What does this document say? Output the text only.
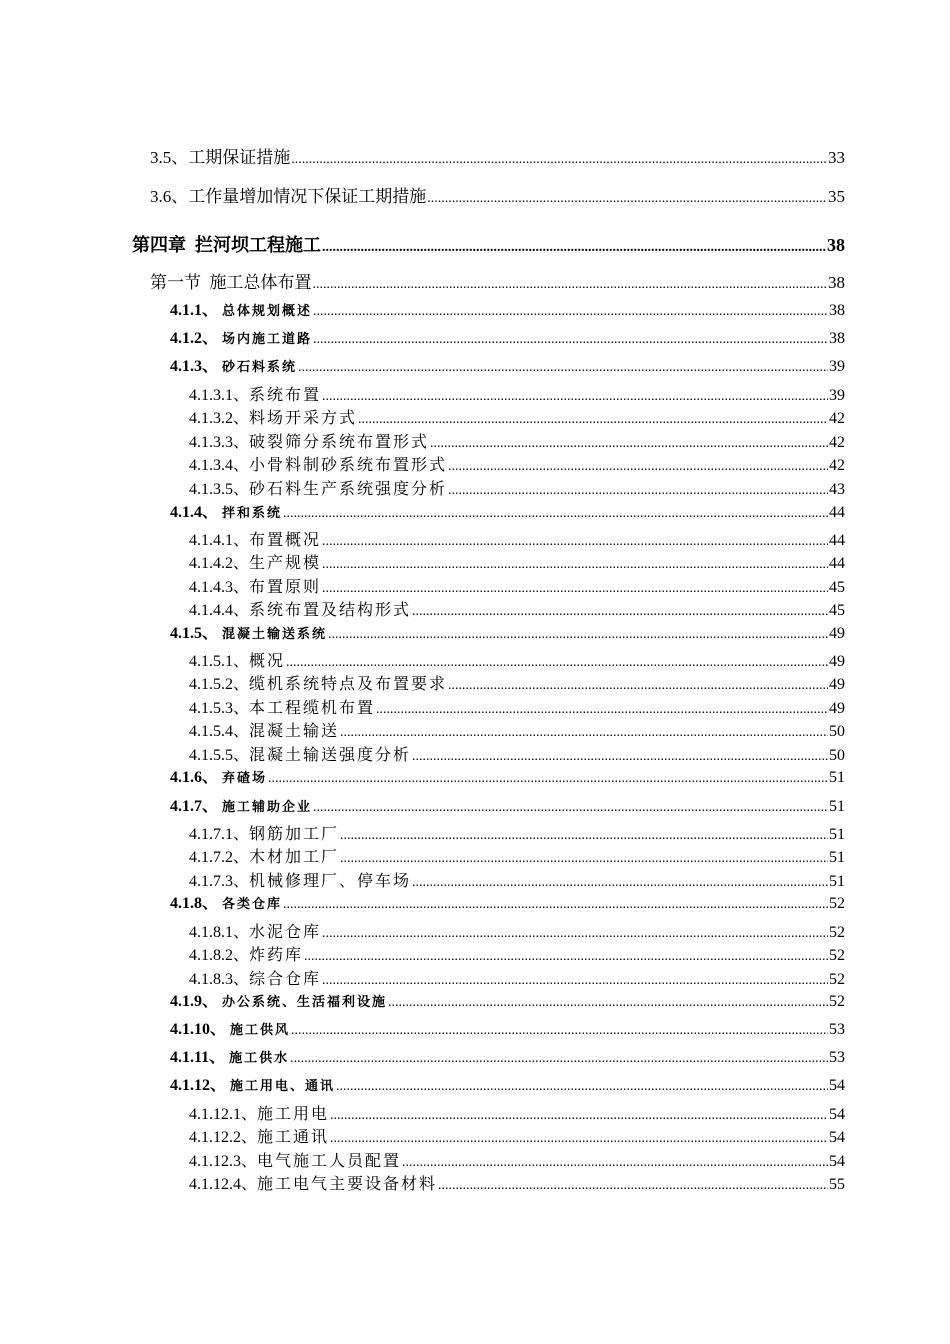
3.5、工期保证措施 .....	33
3.6、工作量增加情况下保证工期措施 .....	35
第四章 拦河坝工程施工 .....	38
第一节 施工总体布置 .....	38
4.1.1、 总体规划概述 .....	38
4.1.2、 场内施工道路 .....	38
4.1.3、 砂石料系统 .....	39
4.1.3.1、系统布置 .....	39
4.1.3.2、料场开采方式 .....	42
4.1.3.3、破裂筛分系统布置形式 .....	42
4.1.3.4、小骨料制砂系统布置形式 .....	42
4.1.3.5、砂石料生产系统强度分析 .....	43
4.1.4、 拌和系统 .....	44
4.1.4.1、布置概况 .....	44
4.1.4.2、生产规模 .....	44
4.1.4.3、布置原则 .....	45
4.1.4.4、系统布置及结构形式 .....	45
4.1.5、 混凝土输送系统 .....	49
4.1.5.1、概况 .....	49
4.1.5.2、缆机系统特点及布置要求 .....	49
4.1.5.3、本工程缆机布置 .....	49
4.1.5.4、混凝土输送 .....	50
4.1.5.5、混凝土输送强度分析 .....	50
4.1.6、 弃碴场 .....	51
4.1.7、 施工辅助企业 .....	51
4.1.7.1、钢筋加工厂 .....	51
4.1.7.2、木材加工厂 .....	51
4.1.7.3、机械修理厂、停车场 .....	51
4.1.8、 各类仓库 .....	52
4.1.8.1、水泥仓库 .....	52
4.1.8.2、炸药库 .....	52
4.1.8.3、综合仓库 .....	52
4.1.9、 办公系统、生活福利设施 .....	52
4.1.10、 施工供风 .....	53
4.1.11、 施工供水 .....	53
4.1.12、 施工用电、通讯 .....	54
4.1.12.1、施工用电 .....	54
4.1.12.2、施工通讯 .....	54
4.1.12.3、电气施工人员配置 .....	54
4.1.12.4、施工电气主要设备材料 .....	55
